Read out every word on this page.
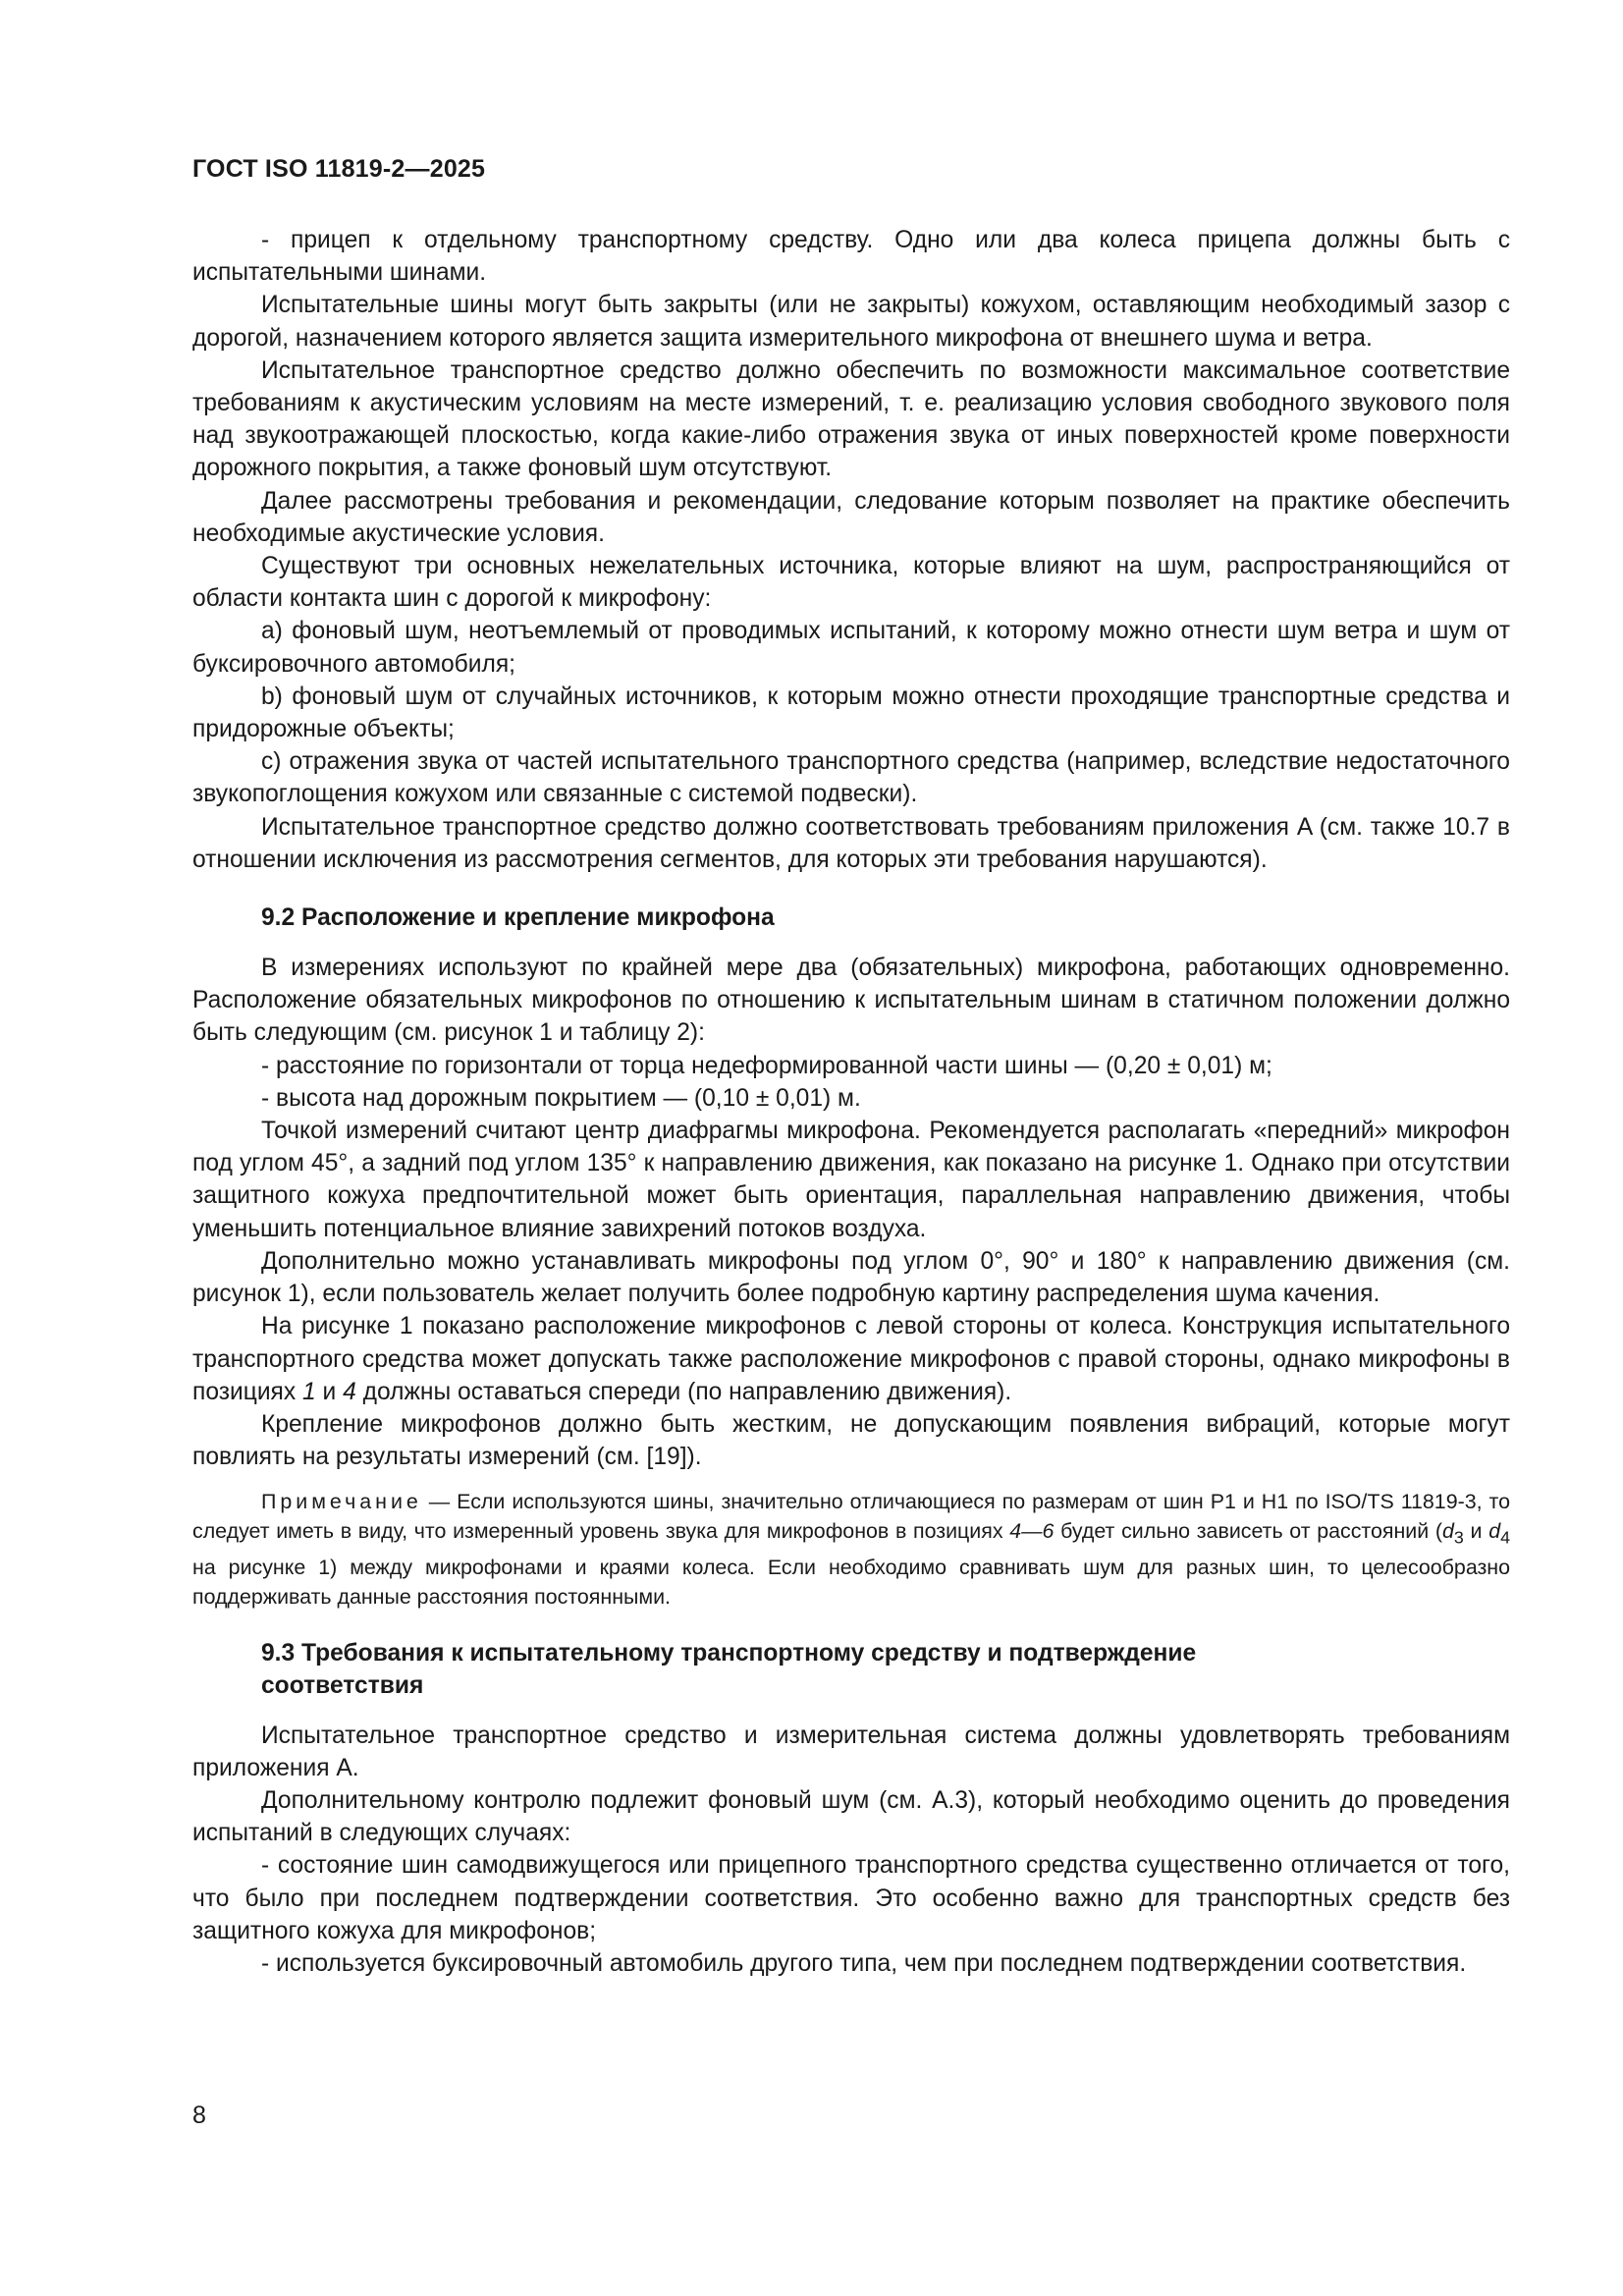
ГОСТ ISO 11819-2—2025

- прицеп к отдельному транспортному средству. Одно или два колеса прицепа должны быть с испытательными шинами.

Испытательные шины могут быть закрыты (или не закрыты) кожухом, оставляющим необходимый зазор с дорогой, назначением которого является защита измерительного микрофона от внешнего шума и ветра.

Испытательное транспортное средство должно обеспечить по возможности максимальное соответствие требованиям к акустическим условиям на месте измерений, т. е. реализацию условия свободного звукового поля над звукоотражающей плоскостью, когда какие-либо отражения звука от иных поверхностей кроме поверхности дорожного покрытия, а также фоновый шум отсутствуют.

Далее рассмотрены требования и рекомендации, следование которым позволяет на практике обеспечить необходимые акустические условия.

Существуют три основных нежелательных источника, которые влияют на шум, распространяющийся от области контакта шин с дорогой к микрофону:

a) фоновый шум, неотъемлемый от проводимых испытаний, к которому можно отнести шум ветра и шум от буксировочного автомобиля;

b) фоновый шум от случайных источников, к которым можно отнести проходящие транспортные средства и придорожные объекты;

c) отражения звука от частей испытательного транспортного средства (например, вследствие недостаточного звукопоглощения кожухом или связанные с системой подвески).

Испытательное транспортное средство должно соответствовать требованиям приложения A (см. также 10.7 в отношении исключения из рассмотрения сегментов, для которых эти требования нарушаются).

9.2 Расположение и крепление микрофона

В измерениях используют по крайней мере два (обязательных) микрофона, работающих одновременно. Расположение обязательных микрофонов по отношению к испытательным шинам в статичном положении должно быть следующим (см. рисунок 1 и таблицу 2):

- расстояние по горизонтали от торца недеформированной части шины — (0,20 ± 0,01) м;

- высота над дорожным покрытием — (0,10 ± 0,01) м.

Точкой измерений считают центр диафрагмы микрофона. Рекомендуется располагать «передний» микрофон под углом 45°, а задний под углом 135° к направлению движения, как показано на рисунке 1. Однако при отсутствии защитного кожуха предпочтительной может быть ориентация, параллельная направлению движения, чтобы уменьшить потенциальное влияние завихрений потоков воздуха.

Дополнительно можно устанавливать микрофоны под углом 0°, 90° и 180° к направлению движения (см. рисунок 1), если пользователь желает получить более подробную картину распределения шума качения.

На рисунке 1 показано расположение микрофонов с левой стороны от колеса. Конструкция испытательного транспортного средства может допускать также расположение микрофонов с правой стороны, однако микрофоны в позициях 1 и 4 должны оставаться спереди (по направлению движения).

Крепление микрофонов должно быть жестким, не допускающим появления вибраций, которые могут повлиять на результаты измерений (см. [19]).

Примечание — Если используются шины, значительно отличающиеся по размерам от шин P1 и H1 по ISO/TS 11819-3, то следует иметь в виду, что измеренный уровень звука для микрофонов в позициях 4—6 будет сильно зависеть от расстояний ($d_3$ и $d_4$ на рисунке 1) между микрофонами и краями колеса. Если необходимо сравнивать шум для разных шин, то целесообразно поддерживать данные расстояния постоянными.

9.3 Требования к испытательному транспортному средству и подтверждение соответствия

Испытательное транспортное средство и измерительная система должны удовлетворять требованиям приложения A.

Дополнительному контролю подлежит фоновый шум (см. A.3), который необходимо оценить до проведения испытаний в следующих случаях:

- состояние шин самодвижущегося или прицепного транспортного средства существенно отличается от того, что было при последнем подтверждении соответствия. Это особенно важно для транспортных средств без защитного кожуха для микрофонов;

- используется буксировочный автомобиль другого типа, чем при последнем подтверждении соответствия.

8
